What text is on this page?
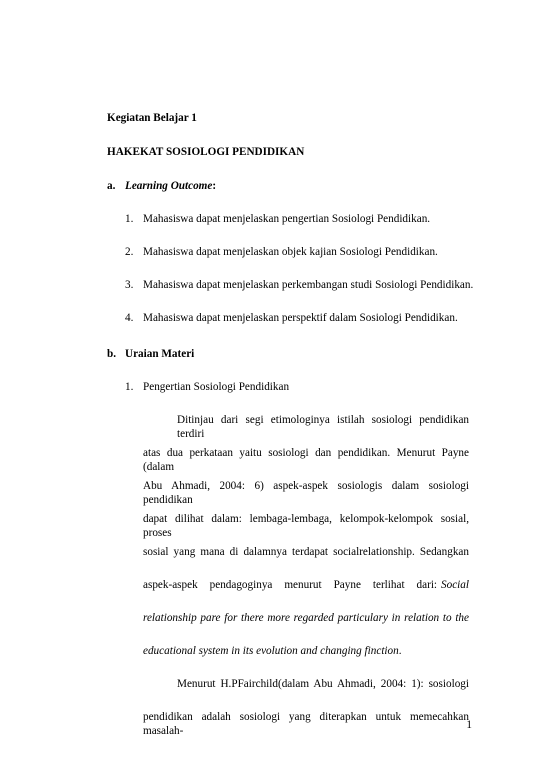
Kegiatan Belajar 1
HAKEKAT SOSIOLOGI PENDIDIKAN
a. Learning Outcome:
1. Mahasiswa dapat menjelaskan pengertian Sosiologi Pendidikan.
2. Mahasiswa dapat menjelaskan objek kajian Sosiologi Pendidikan.
3. Mahasiswa dapat menjelaskan perkembangan studi Sosiologi Pendidikan.
4. Mahasiswa dapat menjelaskan perspektif dalam Sosiologi Pendidikan.
b. Uraian Materi
1. Pengertian Sosiologi Pendidikan
Ditinjau dari segi etimologinya istilah sosiologi pendidikan terdiri
atas dua perkataan yaitu sosiologi dan pendidikan. Menurut Payne (dalam
Abu Ahmadi, 2004: 6) aspek-aspek sosiologis dalam sosiologi pendidikan
dapat dilihat dalam: lembaga-lembaga, kelompok-kelompok sosial, proses
sosial yang mana di dalamnya terdapat socialrelationship. Sedangkan
aspek-aspek pendagoginya menurut Payne terlihat dari: Social
relationship pare for there more regarded particulary in relation to the
educational system in its evolution and changing finction.
Menurut H.PFairchild(dalam Abu Ahmadi, 2004: 1): sosiologi
pendidikan adalah sosiologi yang diterapkan untuk memecahkan masalah-	1
